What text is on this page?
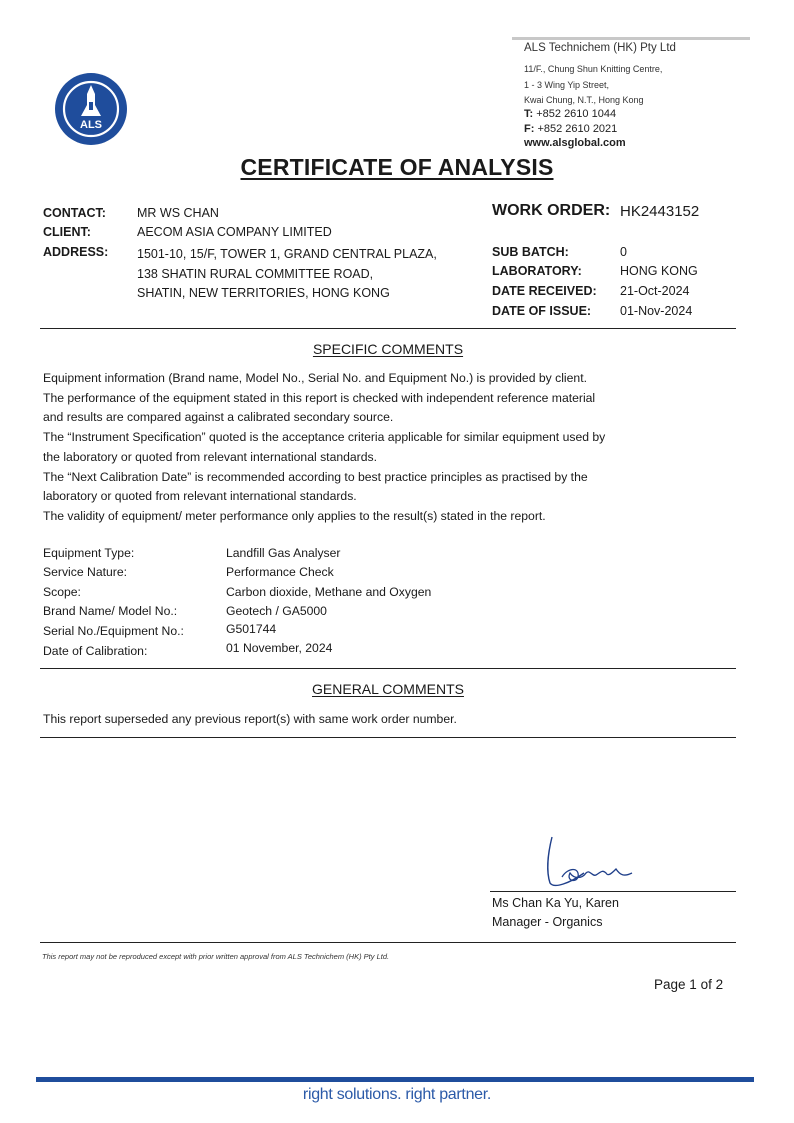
ALS
ALS Technichem (HK) Pty Ltd
11/F., Chung Shun Knitting Centre,
1 - 3 Wing Yip Street,
Kwai Chung, N.T., Hong Kong
T: +852 2610 1044
F: +852 2610 2021
www.alsglobal.com
CERTIFICATE OF ANALYSIS
CONTACT: MR WS CHAN
CLIENT:	AECOM ASIA COMPANY LIMITED
ADDRESS: 1501-10, 15/F, TOWER 1, GRAND CENTRAL PLAZA,
138 SHATIN RURAL COMMITTEE ROAD,
SHATIN, NEW TERRITORIES, HONG KONG
WORK ORDER: HK2443152
SUB BATCH:	0
LABORATORY:	HONG KONG
DATE RECEIVED: 21-Oct-2024
DATE OF ISSUE: 01-Nov-2024
SPECIFIC COMMENTS
Equipment information (Brand name, Model No., Serial No. and Equipment No.) is provided by client.
The performance of the equipment stated in this report is checked with independent reference material
and results are compared against a calibrated secondary source.
The “Instrument Specification” quoted is the acceptance criteria applicable for similar equipment used by
the laboratory or quoted from relevant international standards.
The “Next Calibration Date” is recommended according to best practice principles as practised by the
laboratory or quoted from relevant international standards.
The validity of equipment/ meter performance only applies to the result(s) stated in the report.
Equipment Type:	Landfill Gas Analyser
Service Nature:	Performance Check
Scope:	Carbon dioxide, Methane and Oxygen
Brand Name/ Model No.:	Geotech / GA5000
Serial No./Equipment No.:	G501744
Date of Calibration:	01 November, 2024
GENERAL COMMENTS
This report superseded any previous report(s) with same work order number.
Ms Chan Ka Yu, Karen
Manager - Organics
This report may not be reproduced except with prior written approval from ALS Technichem (HK) Pty Ltd.
Page 1 of 2
right solutions. right partner.
